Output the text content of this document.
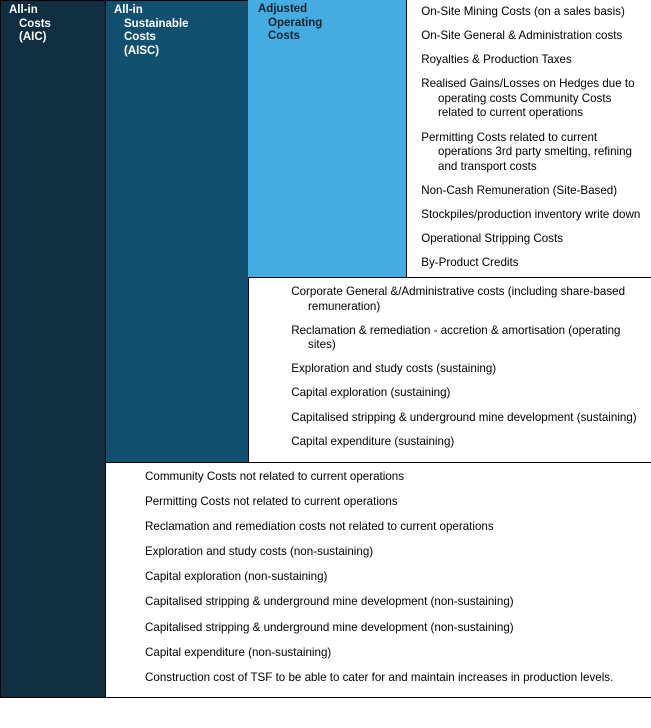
All-in
Costs
(AIC)
All-in
Sustainable
Costs
(AISC)
Adjusted
Operating
Costs
On-Site Mining Costs (on a sales basis)
On-Site General & Administration costs
Royalties & Production Taxes
Realised Gains/Losses on Hedges due to operating costs Community Costs related to current operations
Permitting Costs related to current operations 3rd party smelting, refining and transport costs
Non-Cash Remuneration (Site-Based)
Stockpiles/production inventory write down
Operational Stripping Costs
By-Product Credits
Corporate General &/Administrative costs (including share-based remuneration)
Reclamation & remediation - accretion & amortisation (operating sites)
Exploration and study costs (sustaining)
Capital exploration (sustaining)
Capitalised stripping & underground mine development (sustaining)
Capital expenditure (sustaining)
Community Costs not related to current operations
Permitting Costs not related to current operations
Reclamation and remediation costs not related to current operations
Exploration and study costs (non-sustaining)
Capital exploration (non-sustaining)
Capitalised stripping & underground mine development (non-sustaining)
Capitalised stripping & underground mine development (non-sustaining)
Capital expenditure (non-sustaining)
Construction cost of TSF to be able to cater for and maintain increases in production levels.
